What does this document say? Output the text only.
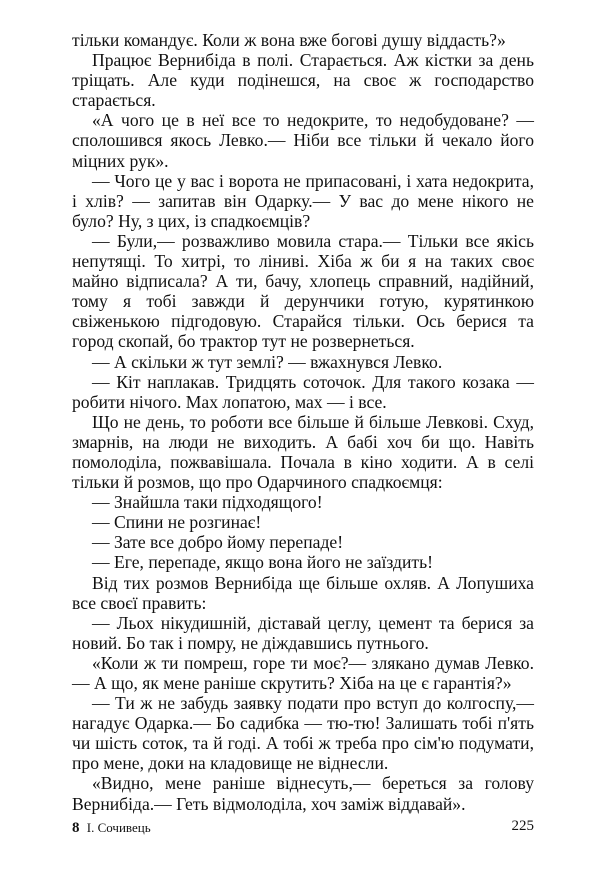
тільки командує. Коли ж вона вже богові душу віддасть?»

Працює Вернибіда в полі. Старається. Аж кістки за день тріщать. Але куди подінешся, на своє ж господарство старається.

«А чого це в неї все то недокрите, то недобудоване? — сполошився якось Левко.— Ніби все тільки й чекало його міцних рук».

— Чого це у вас і ворота не припасовані, і хата недокрита, і хлів? — запитав він Одарку.— У вас до мене нікого не було? Ну, з цих, із спадкоємців?

— Були,— розважливо мовила стара.— Тільки все якісь непутящі. То хитрі, то ліниві. Хіба ж би я на таких своє майно відписала? А ти, бачу, хлопець справний, надійний, тому я тобі завжди й дерунчики готую, курятинкою свіженькою підгодовую. Старайся тільки. Ось берися та город скопай, бо трактор тут не розвернеться.

— А скільки ж тут землі? — вжахнувся Левко.

— Кіт наплакав. Тридцять соточок. Для такого козака — робити нічого. Мах лопатою, мах — і все.

Що не день, то роботи все більше й більше Левкові. Схуд, змарнів, на люди не виходить. А бабі хоч би що. Навіть помолоділа, пожвавішала. Почала в кіно ходити. А в селі тільки й розмов, що про Одарчиного спадкоємця:

— Знайшла таки підходящого!

— Спини не розгинає!

— Зате все добро йому перепаде!

— Еге, перепаде, якщо вона його не заїздить!

Від тих розмов Вернибіда ще більше охляв. А Лопушиха все своєї править:

— Льох нікудишній, діставай цеглу, цемент та берися за новий. Бо так і помру, не діждавшись путнього.

«Коли ж ти помреш, горе ти моє?— злякано думав Левко.— А що, як мене раніше скрутить? Хіба на це є гарантія?»

— Ти ж не забудь заявку подати про вступ до колгоспу,— нагадує Одарка.— Бо садибка — тю-тю! Залишать тобі п'ять чи шість соток, та й годі. А тобі ж треба про сім'ю подумати, про мене, доки на кладовище не віднесли.

«Видно, мене раніше віднесуть,— береться за голову Вернибіда.— Геть відмолоділа, хоч заміж віддавай».

8 І. Сочивець	225
